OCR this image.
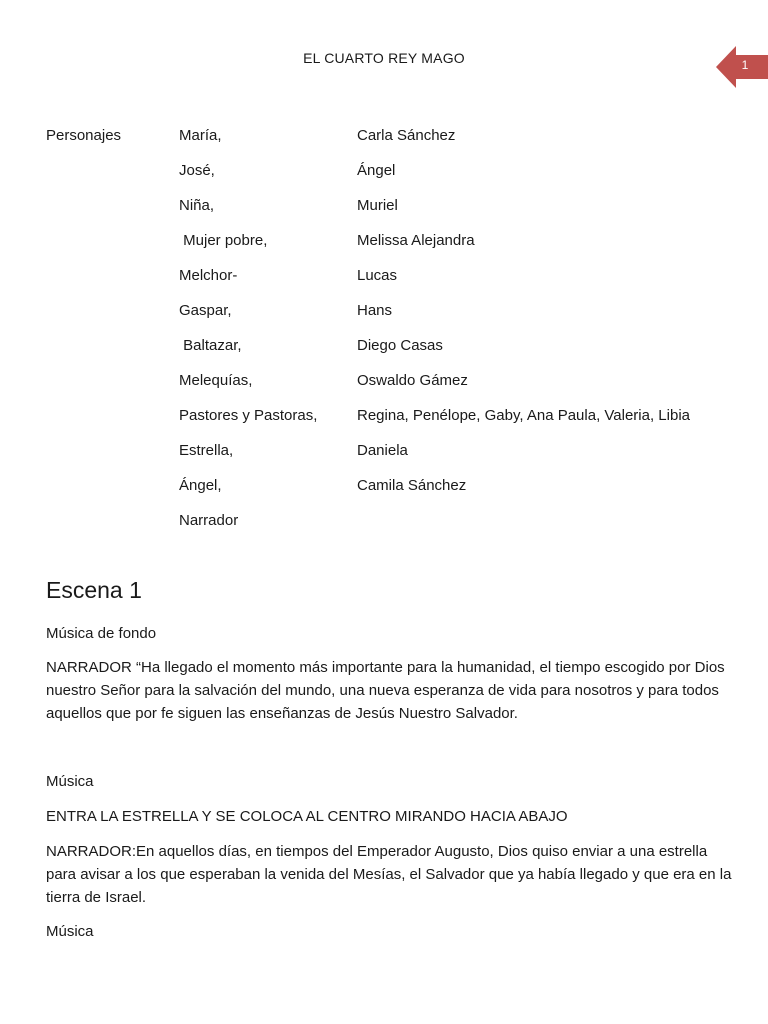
EL CUARTO REY MAGO	1
Personajes	María,	Carla Sánchez
José,	Ángel
Niña,	Muriel
Mujer pobre,	Melissa Alejandra
Melchor-	Lucas
Gaspar,	Hans
Baltazar,	Diego Casas
Melequías,	Oswaldo Gámez
Pastores y Pastoras,	Regina, Penélope, Gaby, Ana Paula, Valeria, Libia
Estrella,	Daniela
Ángel,	Camila Sánchez
Narrador
Escena 1
Música de fondo
NARRADOR “Ha llegado el momento más importante para la humanidad, el tiempo escogido por Dios nuestro Señor para la salvación del mundo, una nueva esperanza de vida para nosotros y para todos aquellos que por fe siguen las enseñanzas de Jesús Nuestro Salvador.
Música
ENTRA LA ESTRELLA Y SE COLOCA AL CENTRO MIRANDO HACIA ABAJO
NARRADOR:En aquellos días, en tiempos del Emperador Augusto, Dios quiso enviar a una estrella para avisar a los que esperaban la venida del Mesías, el Salvador que ya había llegado y que era en la tierra de Israel.
Música
